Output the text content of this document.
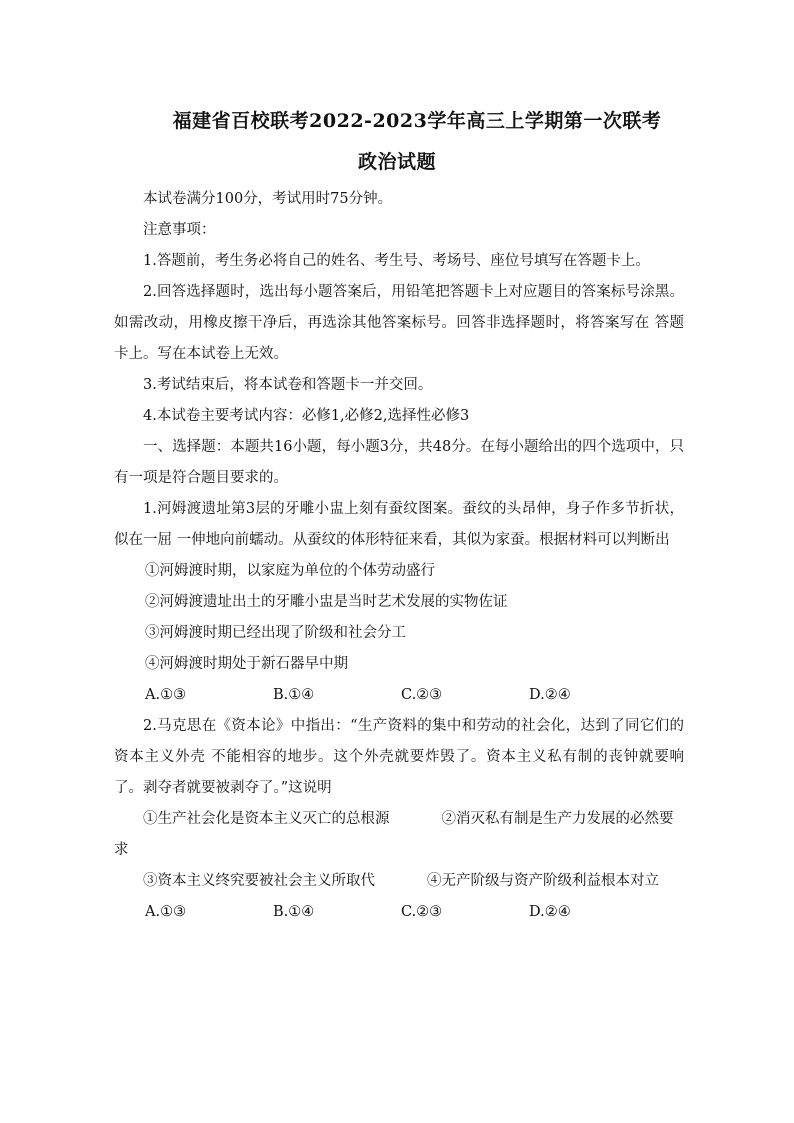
福建省百校联考2022-2023学年高三上学期第一次联考
政治试题

本试卷满分100分，考试用时75分钟。

注意事项：

1.答题前，考生务必将自己的姓名、考生号、考场号、座位号填写在答题卡上。

2.回答选择题时，选出每小题答案后，用铅笔把答题卡上对应题目的答案标号涂黑。如需改动，用橡皮擦干净后，再选涂其他答案标号。回答非选择题时，将答案写在 答题卡上。写在本试卷上无效。

3.考试结束后，将本试卷和答题卡一并交回。

4.本试卷主要考试内容：必修1,必修2,选择性必修3

一、选择题：本题共16小题，每小题3分，共48分。在每小题给出的四个选项中，只有一项是符合题目要求的。

1.河姆渡遗址第3层的牙雕小盅上刻有蚕纹图案。蚕纹的头昂伸，身子作多节折状，似在一屈 一伸地向前蠕动。从蚕纹的体形特征来看，其似为家蚕。根据材料可以判断出

①河姆渡时期，以家庭为单位的个体劳动盛行

②河姆渡遗址出土的牙雕小盅是当时艺术发展的实物佐证

③河姆渡时期已经出现了阶级和社会分工

④河姆渡时期处于新石器早中期

A.①③	B.①④	C.②③	D.②④

2.马克思在《资本论》中指出：“生产资料的集中和劳动的社会化，达到了同它们的资本主义外壳 不能相容的地步。这个外壳就要炸毁了。资本主义私有制的丧钟就要响了。剥夺者就要被剥夺了。”这说明

①生产社会化是资本主义灭亡的总根源	②消灭私有制是生产力发展的必然要求

③资本主义终究要被社会主义所取代	④无产阶级与资产阶级利益根本对立

A.①③	B.①④	C.②③	D.②④
